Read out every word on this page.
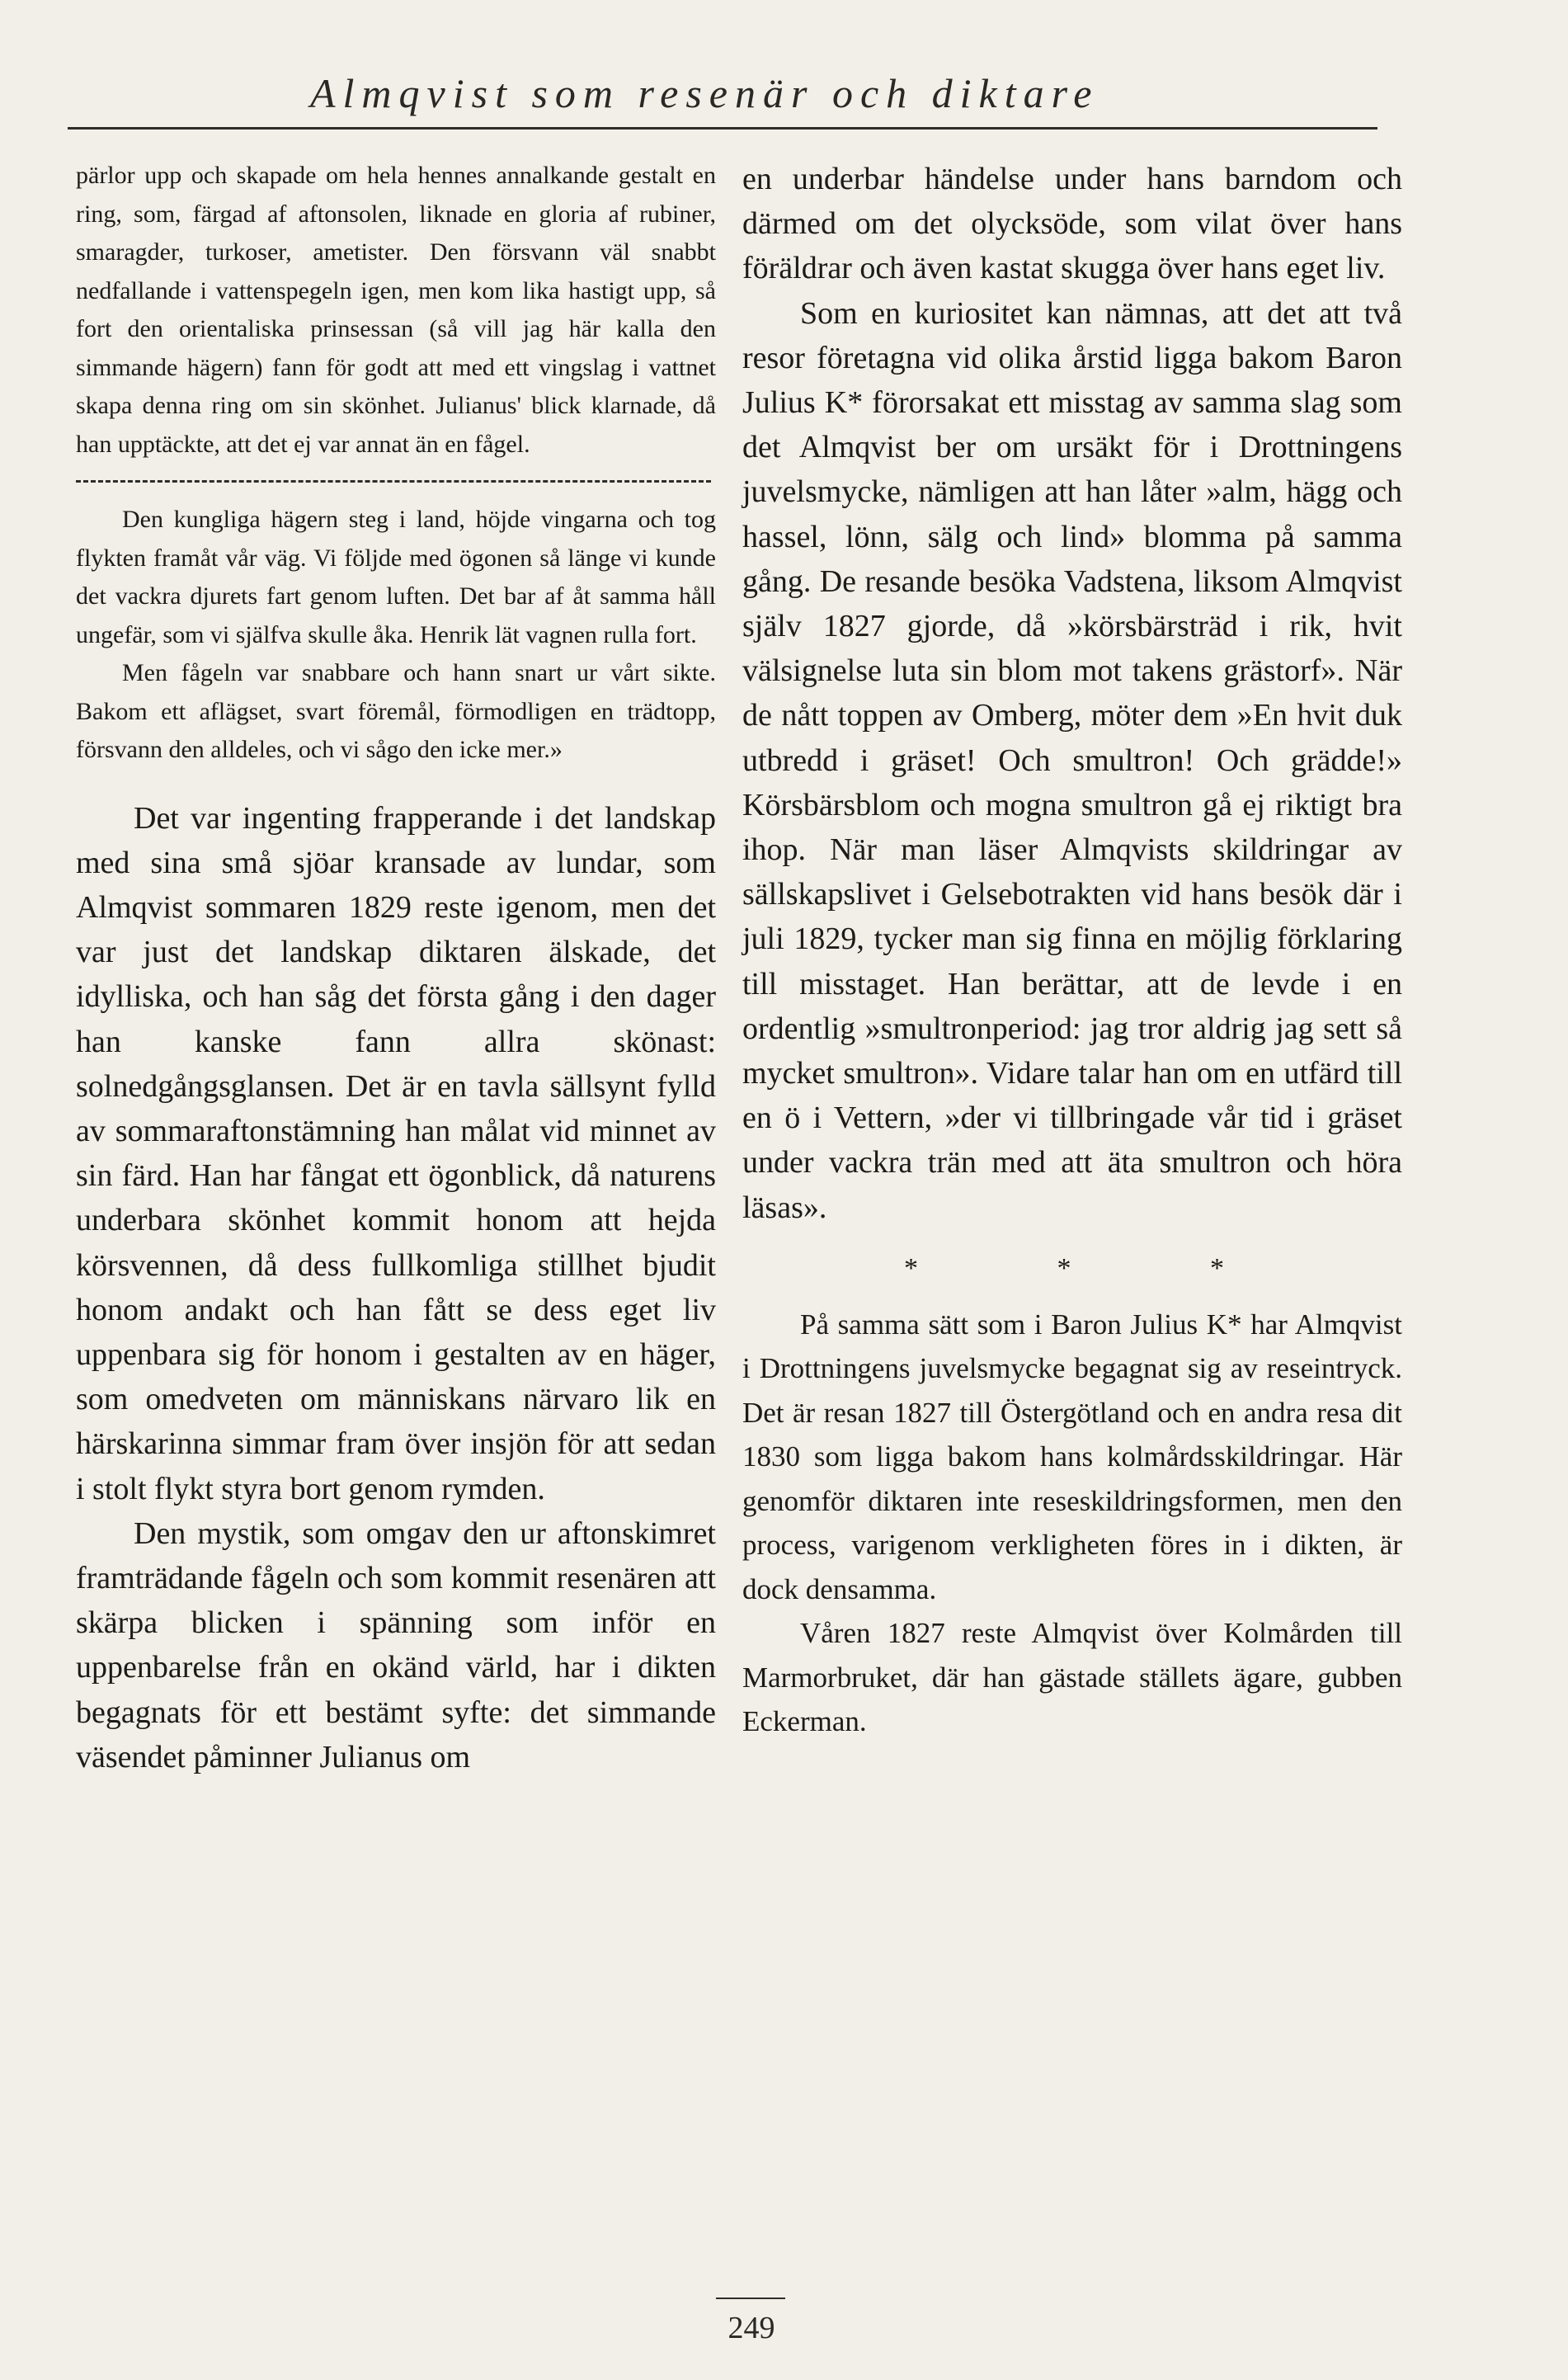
Almqvist som resenär och diktare

pärlor upp och skapade om hela hennes annalkande gestalt en ring, som, färgad af aftonsolen, liknade en gloria af rubiner, smaragder, turkoser, ametister. Den försvann väl snabbt nedfallande i vattenspegeln igen, men kom lika hastigt upp, så fort den orientaliska prinsessan (så vill jag här kalla den simmande hägern) fann för godt att med ett vingslag i vattnet skapa denna ring om sin skönhet. Julianus' blick klarnade, då han upptäckte, att det ej var annat än en fågel.

Den kungliga hägern steg i land, höjde vingarna och tog flykten framåt vår väg. Vi följde med ögonen så länge vi kunde det vackra djurets fart genom luften. Det bar af åt samma håll ungefär, som vi själfva skulle åka. Henrik lät vagnen rulla fort.

Men fågeln var snabbare och hann snart ur vårt sikte. Bakom ett aflägset, svart föremål, förmodligen en trädtopp, försvann den alldeles, och vi sågo den icke mer.»

Det var ingenting frapperande i det landskap med sina små sjöar kransade av lundar, som Almqvist sommaren 1829 reste igenom, men det var just det landskap diktaren älskade, det idylliska, och han såg det första gång i den dager han kanske fann allra skönast: solnedgångsglansen. Det är en tavla sällsynt fylld av sommaraftonstämning han målat vid minnet av sin färd. Han har fångat ett ögonblick, då naturens underbara skönhet kommit honom att hejda körsvennen, då dess fullkomliga stillhet bjudit honom andakt och han fått se dess eget liv uppenbara sig för honom i gestalten av en häger, som omedveten om människans närvaro lik en härskarinna simmar fram över insjön för att sedan i stolt flykt styra bort genom rymden.

Den mystik, som omgav den ur aftonskimret framträdande fågeln och som kommit resenären att skärpa blicken i spänning som inför en uppenbarelse från en okänd värld, har i dikten begagnats för ett bestämt syfte: det simmande väsendet påminner Julianus om

en underbar händelse under hans barndom och därmed om det olycksöde, som vilat över hans föräldrar och även kastat skugga över hans eget liv.

Som en kuriositet kan nämnas, att det att två resor företagna vid olika årstid ligga bakom Baron Julius K* förorsakat ett misstag av samma slag som det Almqvist ber om ursäkt för i Drottningens juvelsmycke, nämligen att han låter »alm, hägg och hassel, lönn, sälg och lind» blomma på samma gång. De resande besöka Vadstena, liksom Almqvist själv 1827 gjorde, då »körsbärsträd i rik, hvit välsignelse luta sin blom mot takens grästorf». När de nått toppen av Omberg, möter dem »En hvit duk utbredd i gräset! Och smultron! Och grädde!» Körsbärsblom och mogna smultron gå ej riktigt bra ihop. När man läser Almqvists skildringar av sällskapslivet i Gelsebotrakten vid hans besök där i juli 1829, tycker man sig finna en möjlig förklaring till misstaget. Han berättar, att de levde i en ordentlig »smultronperiod: jag tror aldrig jag sett så mycket smultron». Vidare talar han om en utfärd till en ö i Vettern, »der vi tillbringade vår tid i gräset under vackra trän med att äta smultron och höra läsas».

* * *

På samma sätt som i Baron Julius K* har Almqvist i Drottningens juvelsmycke begagnat sig av reseintryck. Det är resan 1827 till Östergötland och en andra resa dit 1830 som ligga bakom hans kolmårdsskildringar. Här genomför diktaren inte reseskildringsformen, men den process, varigenom verkligheten föres in i dikten, är dock densamma.

Våren 1827 reste Almqvist över Kolmården till Marmorbruket, där han gästade ställets ägare, gubben Eckerman.

249
